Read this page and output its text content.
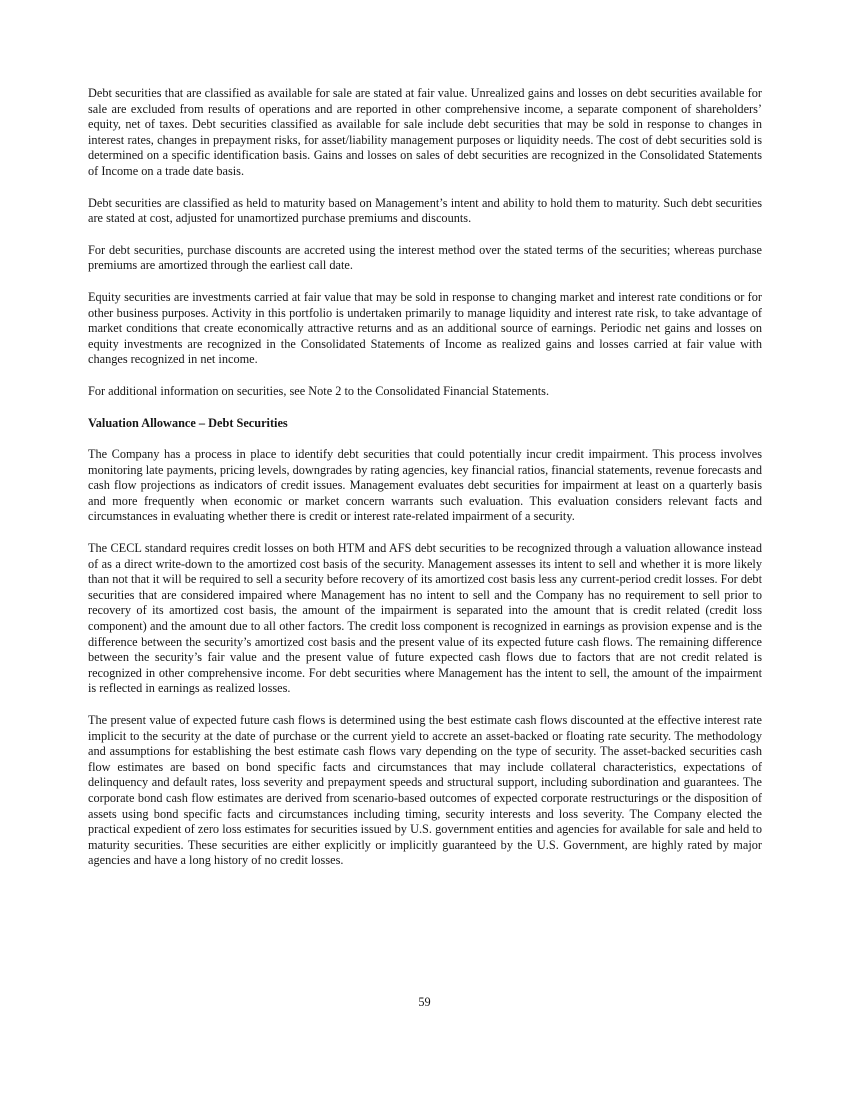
Debt securities that are classified as available for sale are stated at fair value. Unrealized gains and losses on debt securities available for sale are excluded from results of operations and are reported in other comprehensive income, a separate component of shareholders’ equity, net of taxes. Debt securities classified as available for sale include debt securities that may be sold in response to changes in interest rates, changes in prepayment risks, for asset/liability management purposes or liquidity needs. The cost of debt securities sold is determined on a specific identification basis. Gains and losses on sales of debt securities are recognized in the Consolidated Statements of Income on a trade date basis.

Debt securities are classified as held to maturity based on Management’s intent and ability to hold them to maturity. Such debt securities are stated at cost, adjusted for unamortized purchase premiums and discounts.

For debt securities, purchase discounts are accreted using the interest method over the stated terms of the securities; whereas purchase premiums are amortized through the earliest call date.

Equity securities are investments carried at fair value that may be sold in response to changing market and interest rate conditions or for other business purposes. Activity in this portfolio is undertaken primarily to manage liquidity and interest rate risk, to take advantage of market conditions that create economically attractive returns and as an additional source of earnings. Periodic net gains and losses on equity investments are recognized in the Consolidated Statements of Income as realized gains and losses carried at fair value with changes recognized in net income.

For additional information on securities, see Note 2 to the Consolidated Financial Statements.

Valuation Allowance – Debt Securities

The Company has a process in place to identify debt securities that could potentially incur credit impairment. This process involves monitoring late payments, pricing levels, downgrades by rating agencies, key financial ratios, financial statements, revenue forecasts and cash flow projections as indicators of credit issues. Management evaluates debt securities for impairment at least on a quarterly basis and more frequently when economic or market concern warrants such evaluation. This evaluation considers relevant facts and circumstances in evaluating whether there is credit or interest rate-related impairment of a security.

The CECL standard requires credit losses on both HTM and AFS debt securities to be recognized through a valuation allowance instead of as a direct write-down to the amortized cost basis of the security. Management assesses its intent to sell and whether it is more likely than not that it will be required to sell a security before recovery of its amortized cost basis less any current-period credit losses. For debt securities that are considered impaired where Management has no intent to sell and the Company has no requirement to sell prior to recovery of its amortized cost basis, the amount of the impairment is separated into the amount that is credit related (credit loss component) and the amount due to all other factors. The credit loss component is recognized in earnings as provision expense and is the difference between the security’s amortized cost basis and the present value of its expected future cash flows. The remaining difference between the security’s fair value and the present value of future expected cash flows due to factors that are not credit related is recognized in other comprehensive income. For debt securities where Management has the intent to sell, the amount of the impairment is reflected in earnings as realized losses.

The present value of expected future cash flows is determined using the best estimate cash flows discounted at the effective interest rate implicit to the security at the date of purchase or the current yield to accrete an asset-backed or floating rate security. The methodology and assumptions for establishing the best estimate cash flows vary depending on the type of security. The asset-backed securities cash flow estimates are based on bond specific facts and circumstances that may include collateral characteristics, expectations of delinquency and default rates, loss severity and prepayment speeds and structural support, including subordination and guarantees. The corporate bond cash flow estimates are derived from scenario-based outcomes of expected corporate restructurings or the disposition of assets using bond specific facts and circumstances including timing, security interests and loss severity. The Company elected the practical expedient of zero loss estimates for securities issued by U.S. government entities and agencies for available for sale and held to maturity securities. These securities are either explicitly or implicitly guaranteed by the U.S. Government, are highly rated by major agencies and have a long history of no credit losses.

59
